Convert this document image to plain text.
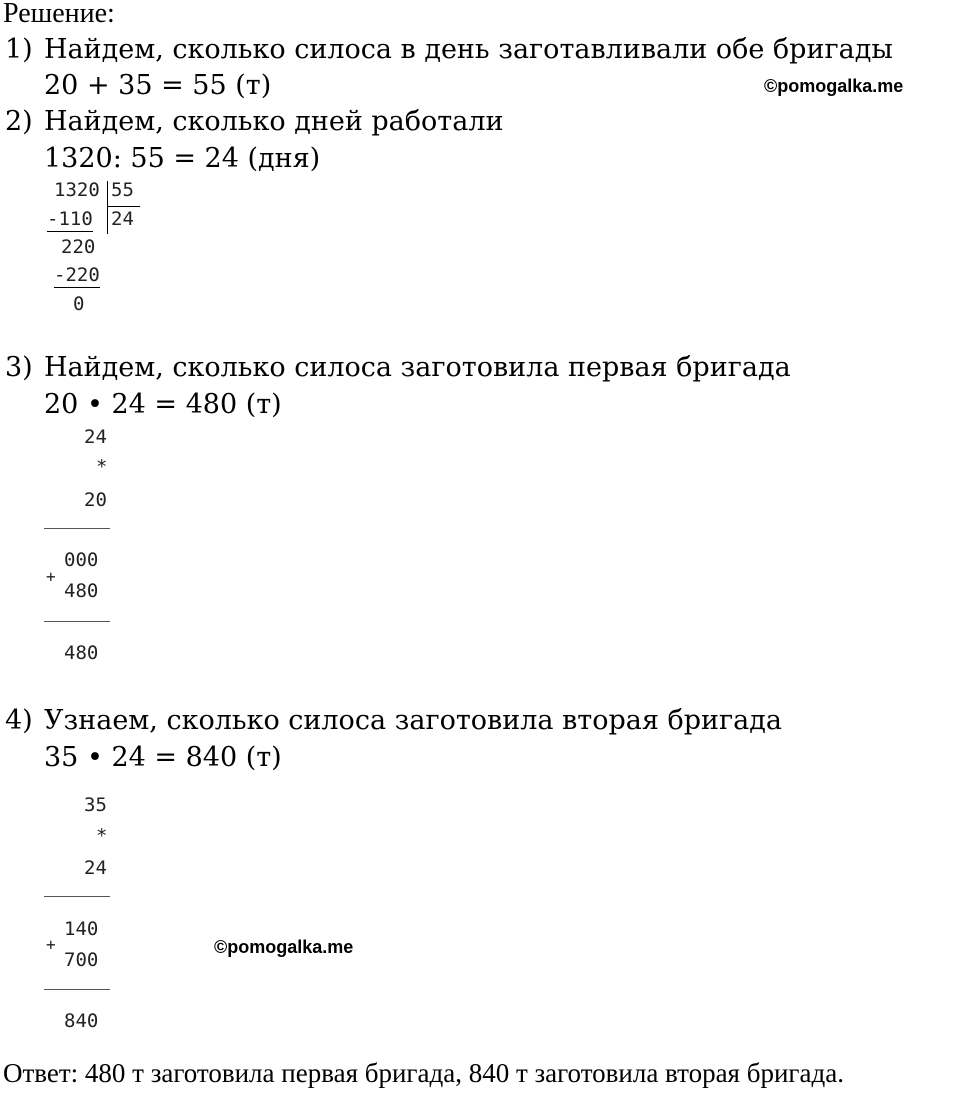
Решение:
1) Найдем, сколько силоса в день заготавливали обе бригады
20 + 35 = 55 (т)	©pomogalka.me
2) Найдем, сколько дней работали
1320: 55 = 24 (дня)
1320 55
24
-110
220
-220
0
3) Найдем, сколько силоса заготовила первая бригада
20 • 24 = 480 (т)
24
*
20
000
+
480
480
4) Узнаем, сколько силоса заготовила вторая бригада
35 • 24 = 840 (т)
35
*
24
140
+
700
840
©pomogalka.me
Ответ: 480 т заготовила первая бригада, 840 т заготовила вторая бригада.
